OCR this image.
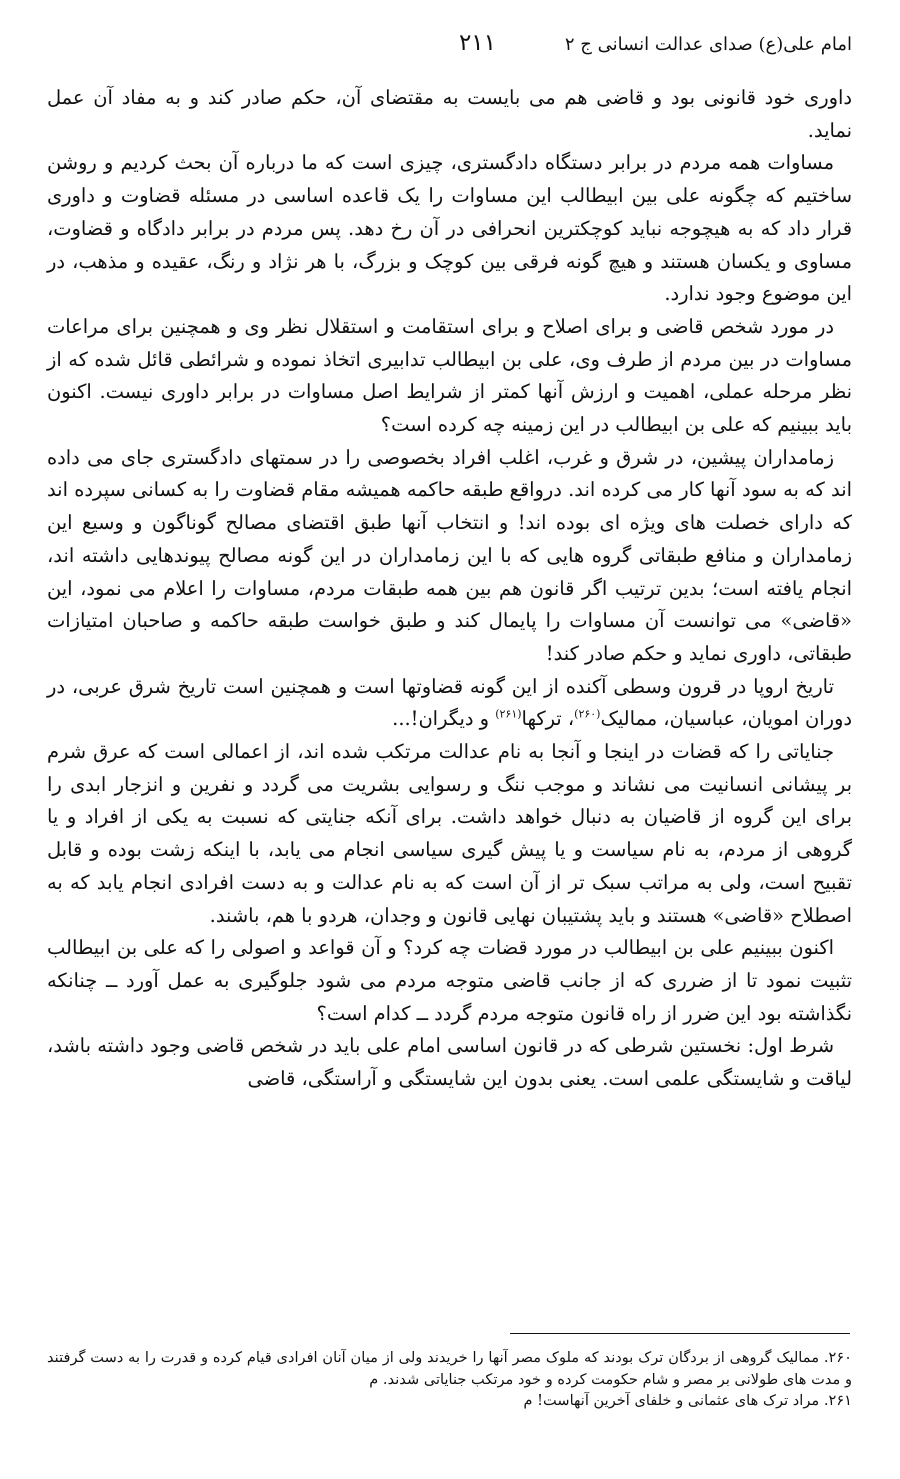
امام علی(ع) صدای عدالت انسانی ج ۲
۲۱۱

داوری خود قانونی بود و قاضی هم می بایست به مقتضای آن، حکم صادر کند و به مفاد آن عمل نماید.

مساوات همه مردم در برابر دستگاه دادگستری، چیزی است که ما درباره آن بحث کردیم و روشن ساختیم که چگونه علی بین ابیطالب این مساوات را یک قاعده اساسی در مسئله قضاوت و داوری قرار داد که به هیچوجه نباید کوچکترین انحرافی در آن رخ دهد. پس مردم در برابر دادگاه و قضاوت، مساوی و یکسان هستند و هیچ گونه فرقی بین کوچک و بزرگ، با هر نژاد و رنگ، عقیده و مذهب، در این موضوع وجود ندارد.

در مورد شخص قاضی و برای اصلاح و برای استقامت و استقلال نظر وی و همچنین برای مراعات مساوات در بین مردم از طرف وی، علی بن ابیطالب تدابیری اتخاذ نموده و شرائطی قائل شده که از نظر مرحله عملی، اهمیت و ارزش آنها کمتر از شرایط اصل مساوات در برابر داوری نیست. اکنون باید ببینیم که علی بن ابیطالب در این زمینه چه کرده است؟

زمامداران پیشین، در شرق و غرب، اغلب افراد بخصوصی را در سمتهای دادگستری جای می داده اند که به سود آنها کار می کرده اند. درواقع طبقه حاکمه همیشه مقام قضاوت را به کسانی سپرده اند که دارای خصلت های ویژه ای بوده اند! و انتخاب آنها طبق اقتضای مصالح گوناگون و وسیع این زمامداران و منافع طبقاتی گروه هایی که با این زمامداران در این گونه مصالح پیوندهایی داشته اند، انجام یافته است؛ بدین ترتیب اگر قانون هم بین همه طبقات مردم، مساوات را اعلام می نمود، این «قاضی» می توانست آن مساوات را پایمال کند و طبق خواست طبقه حاکمه و صاحبان امتیازات طبقاتی، داوری نماید و حکم صادر کند!

تاریخ اروپا در قرون وسطی آکنده از این گونه قضاوتها است و همچنین است تاریخ شرق عربی، در دوران امویان، عباسیان، ممالیک$^{(۲۶۰)}$، ترکها$^{(۲۶۱)}$ و دیگران!...

جنایاتی را که قضات در اینجا و آنجا به نام عدالت مرتکب شده اند، از اعمالی است که عرق شرم بر پیشانی انسانیت می نشاند و موجب ننگ و رسوایی بشریت می گردد و نفرین و انزجار ابدی را برای این گروه از قاضیان به دنبال خواهد داشت. برای آنکه جنایتی که نسبت به یکی از افراد و یا گروهی از مردم، به نام سیاست و یا پیش گیری سیاسی انجام می یابد، با اینکه زشت بوده و قابل تقبیح است، ولی به مراتب سبک تر از آن است که به نام عدالت و به دست افرادی انجام یابد که به اصطلاح «قاضی» هستند و باید پشتیبان نهایی قانون و وجدان، هردو با هم، باشند.

اکنون ببینیم علی بن ابیطالب در مورد قضات چه کرد؟ و آن قواعد و اصولی را که علی بن ابیطالب تثبیت نمود تا از ضرری که از جانب قاضی متوجه مردم می شود جلوگیری به عمل آورد ــ چنانکه نگذاشته بود این ضرر از راه قانون متوجه مردم گردد ــ کدام است؟

شرط اول: نخستین شرطی که در قانون اساسی امام علی باید در شخص قاضی وجود داشته باشد، لیاقت و شایستگی علمی است. یعنی بدون این شایستگی و آراستگی، قاضی

۲۶۰. ممالیک گروهی از بردگان ترک بودند که ملوک مصر آنها را خریدند ولی از میان آنان افرادی قیام کرده و قدرت را به دست گرفتند و مدت های طولانی بر مصر و شام حکومت کرده و خود مرتکب جنایاتی شدند. م

۲۶۱. مراد ترک های عثمانی و خلفای آخرین آنهاست! م
